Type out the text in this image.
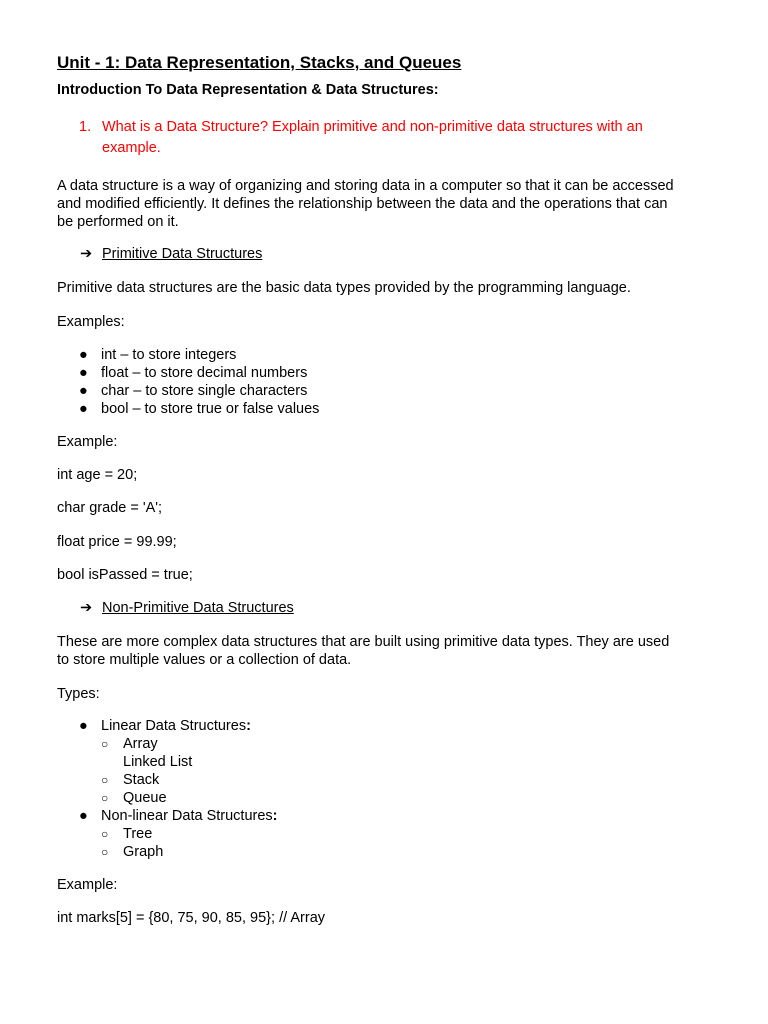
Unit - 1: Data Representation, Stacks, and Queues
Introduction To Data Representation & Data Structures:
1. What is a Data Structure? Explain primitive and non-primitive data structures with an
example.
A data structure is a way of organizing and storing data in a computer so that it can be accessed
and modified efficiently. It defines the relationship between the data and the operations that can
be performed on it.
➔ Primitive Data Structures
Primitive data structures are the basic data types provided by the programming language.
Examples:
● int – to store integers
● float – to store decimal numbers
● char – to store single characters
● bool – to store true or false values
Example:
int age = 20;
char grade = 'A';
float price = 99.99;
bool isPassed = true;
➔ Non-Primitive Data Structures
These are more complex data structures that are built using primitive data types. They are used
to store multiple values or a collection of data.
Types:
● Linear Data Structures:
○ Array
Linked List
○ Stack
○ Queue
● Non-linear Data Structures:
○ Tree
○ Graph
Example:
int marks[5] = {80, 75, 90, 85, 95}; // Array
